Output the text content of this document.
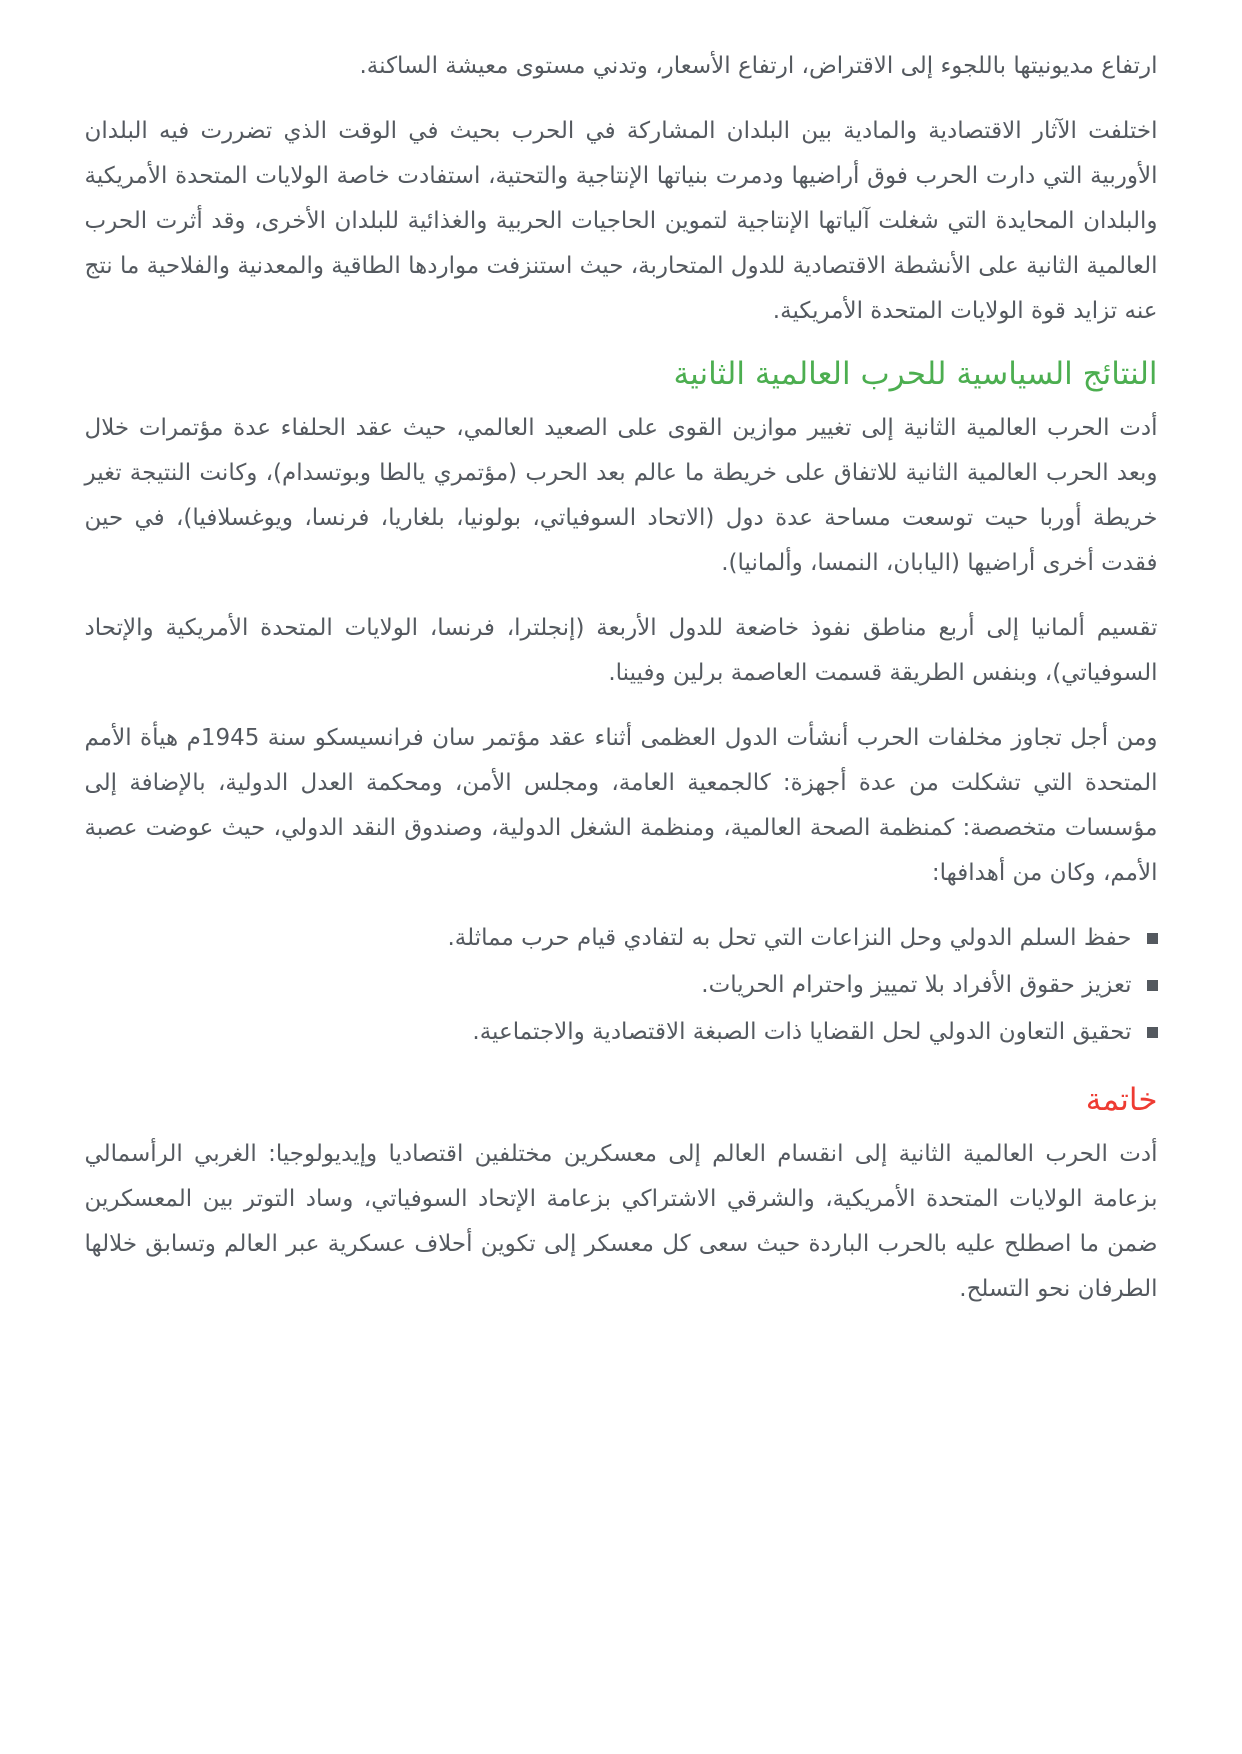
ارتفاع مديونيتها باللجوء إلى الاقتراض، ارتفاع الأسعار، وتدني مستوى معيشة الساكنة.

اختلفت الآثار الاقتصادية والمادية بين البلدان المشاركة في الحرب بحيث في الوقت الذي تضررت فيه البلدان الأوربية التي دارت الحرب فوق أراضيها ودمرت بنياتها الإنتاجية والتحتية، استفادت خاصة الولايات المتحدة الأمريكية والبلدان المحايدة التي شغلت آلياتها الإنتاجية لتموين الحاجيات الحربية والغذائية للبلدان الأخرى، وقد أثرت الحرب العالمية الثانية على الأنشطة الاقتصادية للدول المتحاربة، حيث استنزفت مواردها الطاقية والمعدنية والفلاحية ما نتج عنه تزايد قوة الولايات المتحدة الأمريكية.

النتائج السياسية للحرب العالمية الثانية

أدت الحرب العالمية الثانية إلى تغيير موازين القوى على الصعيد العالمي، حيث عقد الحلفاء عدة مؤتمرات خلال وبعد الحرب العالمية الثانية للاتفاق على خريطة ما عالم بعد الحرب (مؤتمري يالطا وبوتسدام)، وكانت النتيجة تغير خريطة أوربا حيت توسعت مساحة عدة دول (الاتحاد السوفياتي، بولونيا، بلغاريا، فرنسا، ويوغسلافيا)، في حين فقدت أخرى أراضيها (اليابان، النمسا، وألمانيا).

تقسيم ألمانيا إلى أربع مناطق نفوذ خاضعة للدول الأربعة (إنجلترا، فرنسا، الولايات المتحدة الأمريكية والإتحاد السوفياتي)، وبنفس الطريقة قسمت العاصمة برلين وفيينا.

ومن أجل تجاوز مخلفات الحرب أنشأت الدول العظمى أثناء عقد مؤتمر سان فرانسيسكو سنة 1945م هيأة الأمم المتحدة التي تشكلت من عدة أجهزة: كالجمعية العامة، ومجلس الأمن، ومحكمة العدل الدولية، بالإضافة إلى مؤسسات متخصصة: كمنظمة الصحة العالمية، ومنظمة الشغل الدولية، وصندوق النقد الدولي، حيث عوضت عصبة الأمم، وكان من أهدافها:

حفظ السلم الدولي وحل النزاعات التي تحل به لتفادي قيام حرب مماثلة.
تعزيز حقوق الأفراد بلا تمييز واحترام الحريات.
تحقيق التعاون الدولي لحل القضايا ذات الصبغة الاقتصادية والاجتماعية.
خاتمة

أدت الحرب العالمية الثانية إلى انقسام العالم إلى معسكرين مختلفين اقتصاديا وإيديولوجيا: الغربي الرأسمالي بزعامة الولايات المتحدة الأمريكية، والشرقي الاشتراكي بزعامة الإتحاد السوفياتي، وساد التوتر بين المعسكرين ضمن ما اصطلح عليه بالحرب الباردة حيث سعى كل معسكر إلى تكوين أحلاف عسكرية عبر العالم وتسابق خلالها الطرفان نحو التسلح.
